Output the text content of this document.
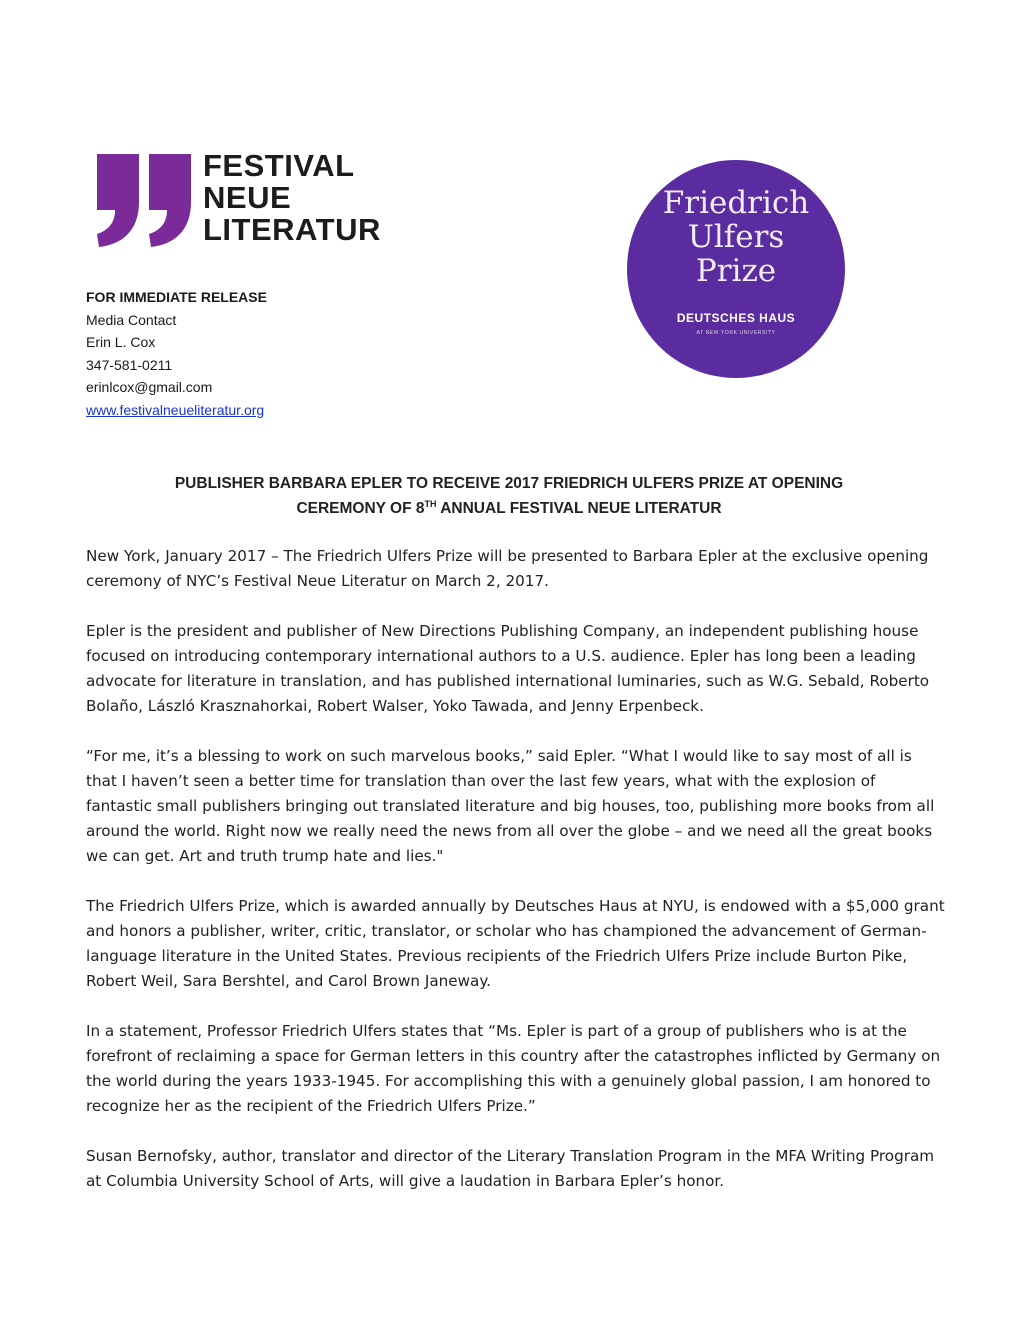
FESTIVAL
NEUE
LITERATUR
Friedrich
Ulfers
Prize
DEUTSCHES HAUS
AT NEW YORK UNIVERSITY
FOR IMMEDIATE RELEASE
Media Contact
Erin L. Cox
347-581-0211
erinlcox@gmail.com
www.festivalneueliteratur.org
PUBLISHER BARBARA EPLER TO RECEIVE 2017 FRIEDRICH ULFERS PRIZE AT OPENING
CEREMONY OF 8TH ANNUAL FESTIVAL NEUE LITERATUR

New York, January 2017 – The Friedrich Ulfers Prize will be presented to Barbara Epler at the exclusive opening ceremony of NYC’s Festival Neue Literatur on March 2, 2017.

Epler is the president and publisher of New Directions Publishing Company, an independent publishing house focused on introducing contemporary international authors to a U.S. audience. Epler has long been a leading advocate for literature in translation, and has published international luminaries, such as W.G. Sebald, Roberto Bolaño, László Krasznahorkai, Robert Walser, Yoko Tawada, and Jenny Erpenbeck.

“For me, it’s a blessing to work on such marvelous books,” said Epler. “What I would like to say most of all is that I haven’t seen a better time for translation than over the last few years, what with the explosion of fantastic small publishers bringing out translated literature and big houses, too, publishing more books from all around the world. Right now we really need the news from all over the globe – and we need all the great books we can get. Art and truth trump hate and lies."

The Friedrich Ulfers Prize, which is awarded annually by Deutsches Haus at NYU, is endowed with a $5,000 grant and honors a publisher, writer, critic, translator, or scholar who has championed the advancement of German-language literature in the United States. Previous recipients of the Friedrich Ulfers Prize include Burton Pike, Robert Weil, Sara Bershtel, and Carol Brown Janeway.

In a statement, Professor Friedrich Ulfers states that “Ms. Epler is part of a group of publishers who is at the forefront of reclaiming a space for German letters in this country after the catastrophes inflicted by Germany on the world during the years 1933-1945. For accomplishing this with a genuinely global passion, I am honored to recognize her as the recipient of the Friedrich Ulfers Prize.”

Susan Bernofsky, author, translator and director of the Literary Translation Program in the MFA Writing Program at Columbia University School of Arts, will give a laudation in Barbara Epler’s honor.
